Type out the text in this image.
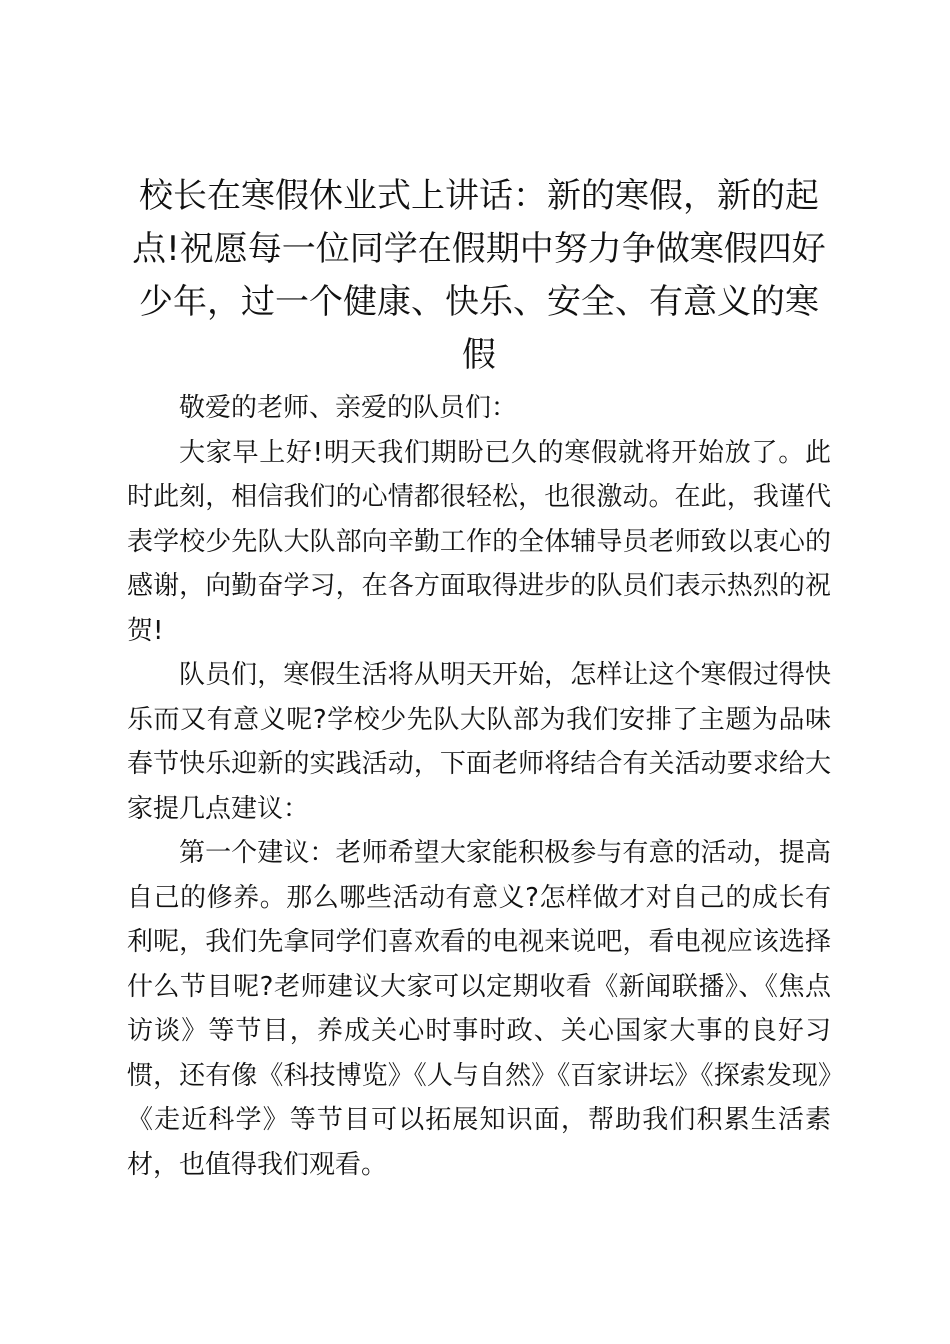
校长在寒假休业式上讲话：新的寒假，新的起点!祝愿每一位同学在假期中努力争做寒假四好少年，过一个健康、快乐、安全、有意义的寒假

敬爱的老师、亲爱的队员们：

大家早上好!明天我们期盼已久的寒假就将开始放了。此时此刻，相信我们的心情都很轻松，也很激动。在此，我谨代表学校少先队大队部向辛勤工作的全体辅导员老师致以衷心的感谢，向勤奋学习，在各方面取得进步的队员们表示热烈的祝贺!

队员们，寒假生活将从明天开始，怎样让这个寒假过得快乐而又有意义呢?学校少先队大队部为我们安排了主题为品味春节快乐迎新的实践活动，下面老师将结合有关活动要求给大家提几点建议：

第一个建议：老师希望大家能积极参与有意的活动，提高自己的修养。那么哪些活动有意义?怎样做才对自己的成长有利呢，我们先拿同学们喜欢看的电视来说吧，看电视应该选择什么节目呢?老师建议大家可以定期收看《新闻联播》、《焦点访谈》等节目，养成关心时事时政、关心国家大事的良好习惯，还有像《科技博览》《人与自然》《百家讲坛》《探索发现》《走近科学》等节目可以拓展知识面，帮助我们积累生活素材，也值得我们观看。
